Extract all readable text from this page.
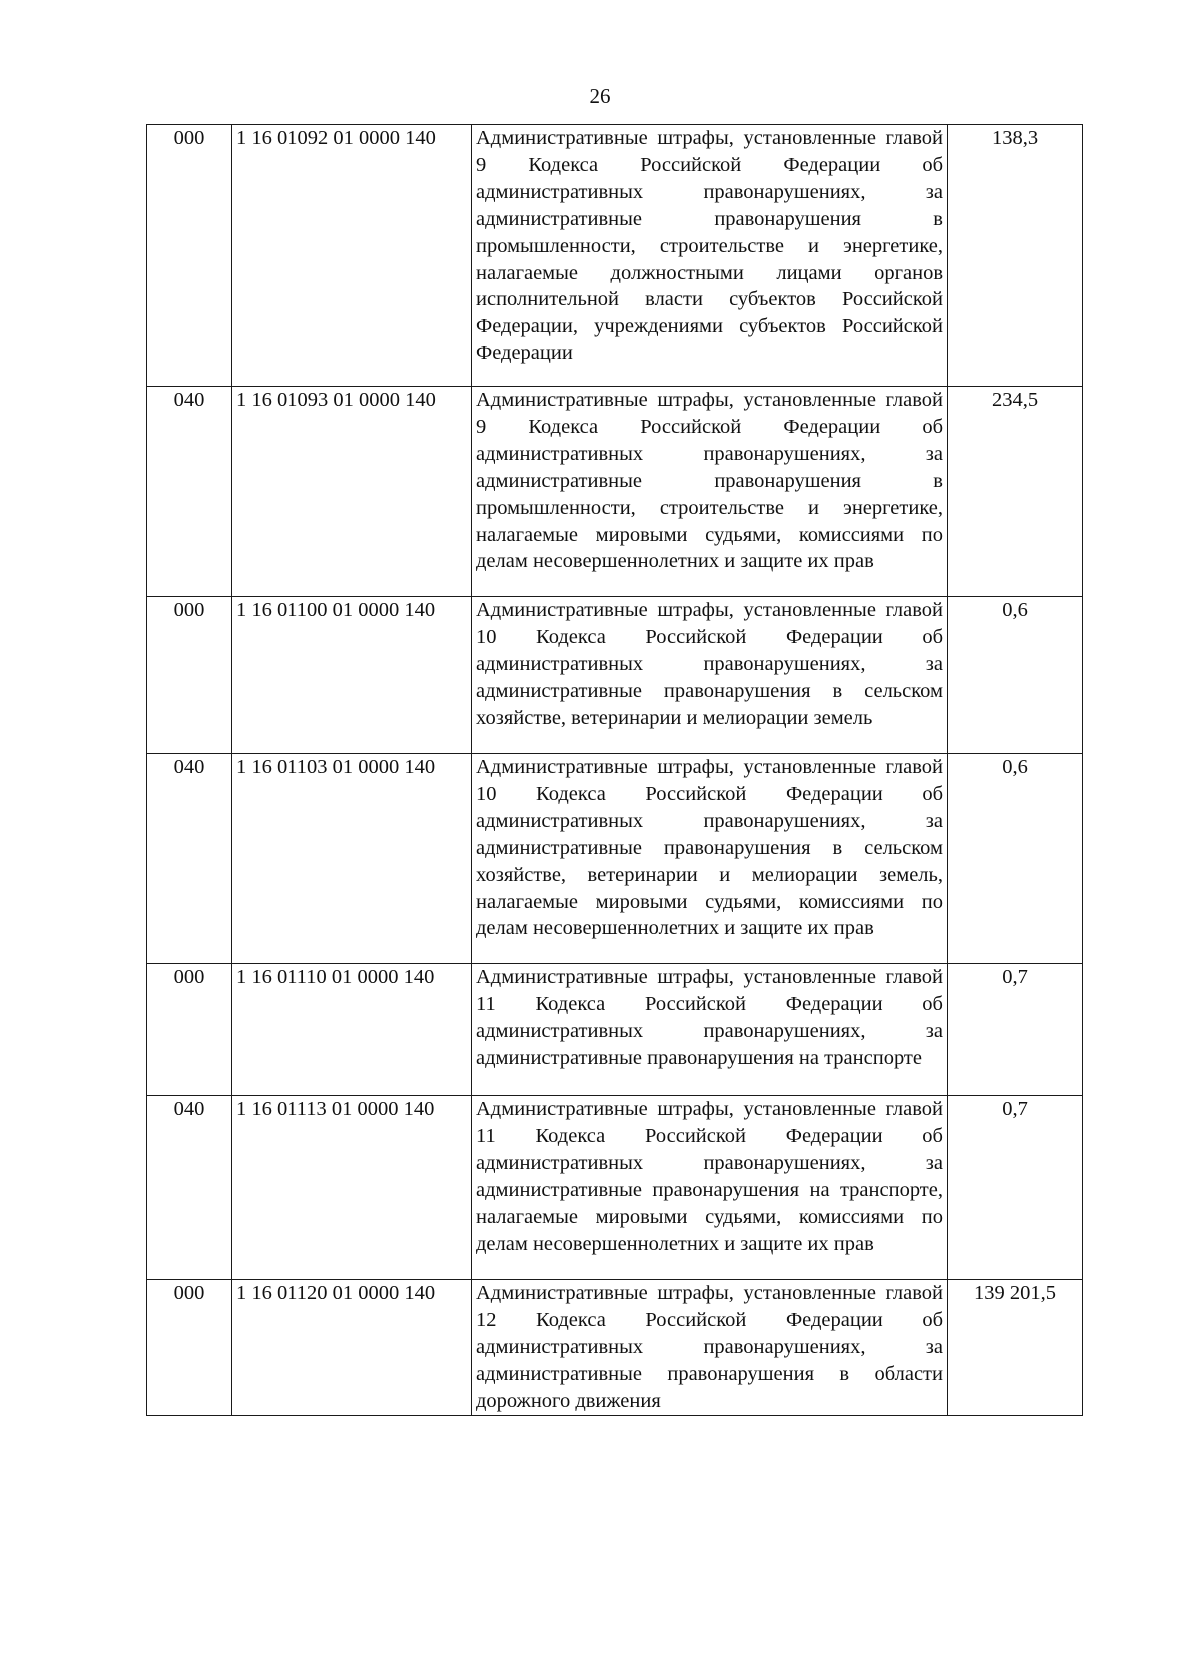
26
000	1 16 01092 01 0000 140	Административные штрафы, установленные главой 9 Кодекса Российской Федерации об административных правонарушениях, за административные правонарушения в промышленности, строительстве и энергетике, налагаемые должностными лицами органов исполнительной власти субъектов Российской Федерации, учреждениями субъектов Российской Федерации	138,3
040	1 16 01093 01 0000 140	Административные штрафы, установленные главой 9 Кодекса Российской Федерации об административных правонарушениях, за административные правонарушения в промышленности, строительстве и энергетике, налагаемые мировыми судьями, комиссиями по делам несовершеннолетних и защите их прав	234,5
000	1 16 01100 01 0000 140	Административные штрафы, установленные главой 10 Кодекса Российской Федерации об административных правонарушениях, за административные правонарушения в сельском хозяйстве, ветеринарии и мелиорации земель	0,6
040	1 16 01103 01 0000 140	Административные штрафы, установленные главой 10 Кодекса Российской Федерации об административных правонарушениях, за административные правонарушения в сельском хозяйстве, ветеринарии и мелиорации земель, налагаемые мировыми судьями, комиссиями по делам несовершеннолетних и защите их прав	0,6
000	1 16 01110 01 0000 140	Административные штрафы, установленные главой 11 Кодекса Российской Федерации об административных правонарушениях, за административные правонарушения на транспорте	0,7
040	1 16 01113 01 0000 140	Административные штрафы, установленные главой 11 Кодекса Российской Федерации об административных правонарушениях, за административные правонарушения на транспорте, налагаемые мировыми судьями, комиссиями по делам несовершеннолетних и защите их прав	0,7
000	1 16 01120 01 0000 140	Административные штрафы, установленные главой 12 Кодекса Российской Федерации об административных правонарушениях, за административные правонарушения в области дорожного движения	139 201,5
